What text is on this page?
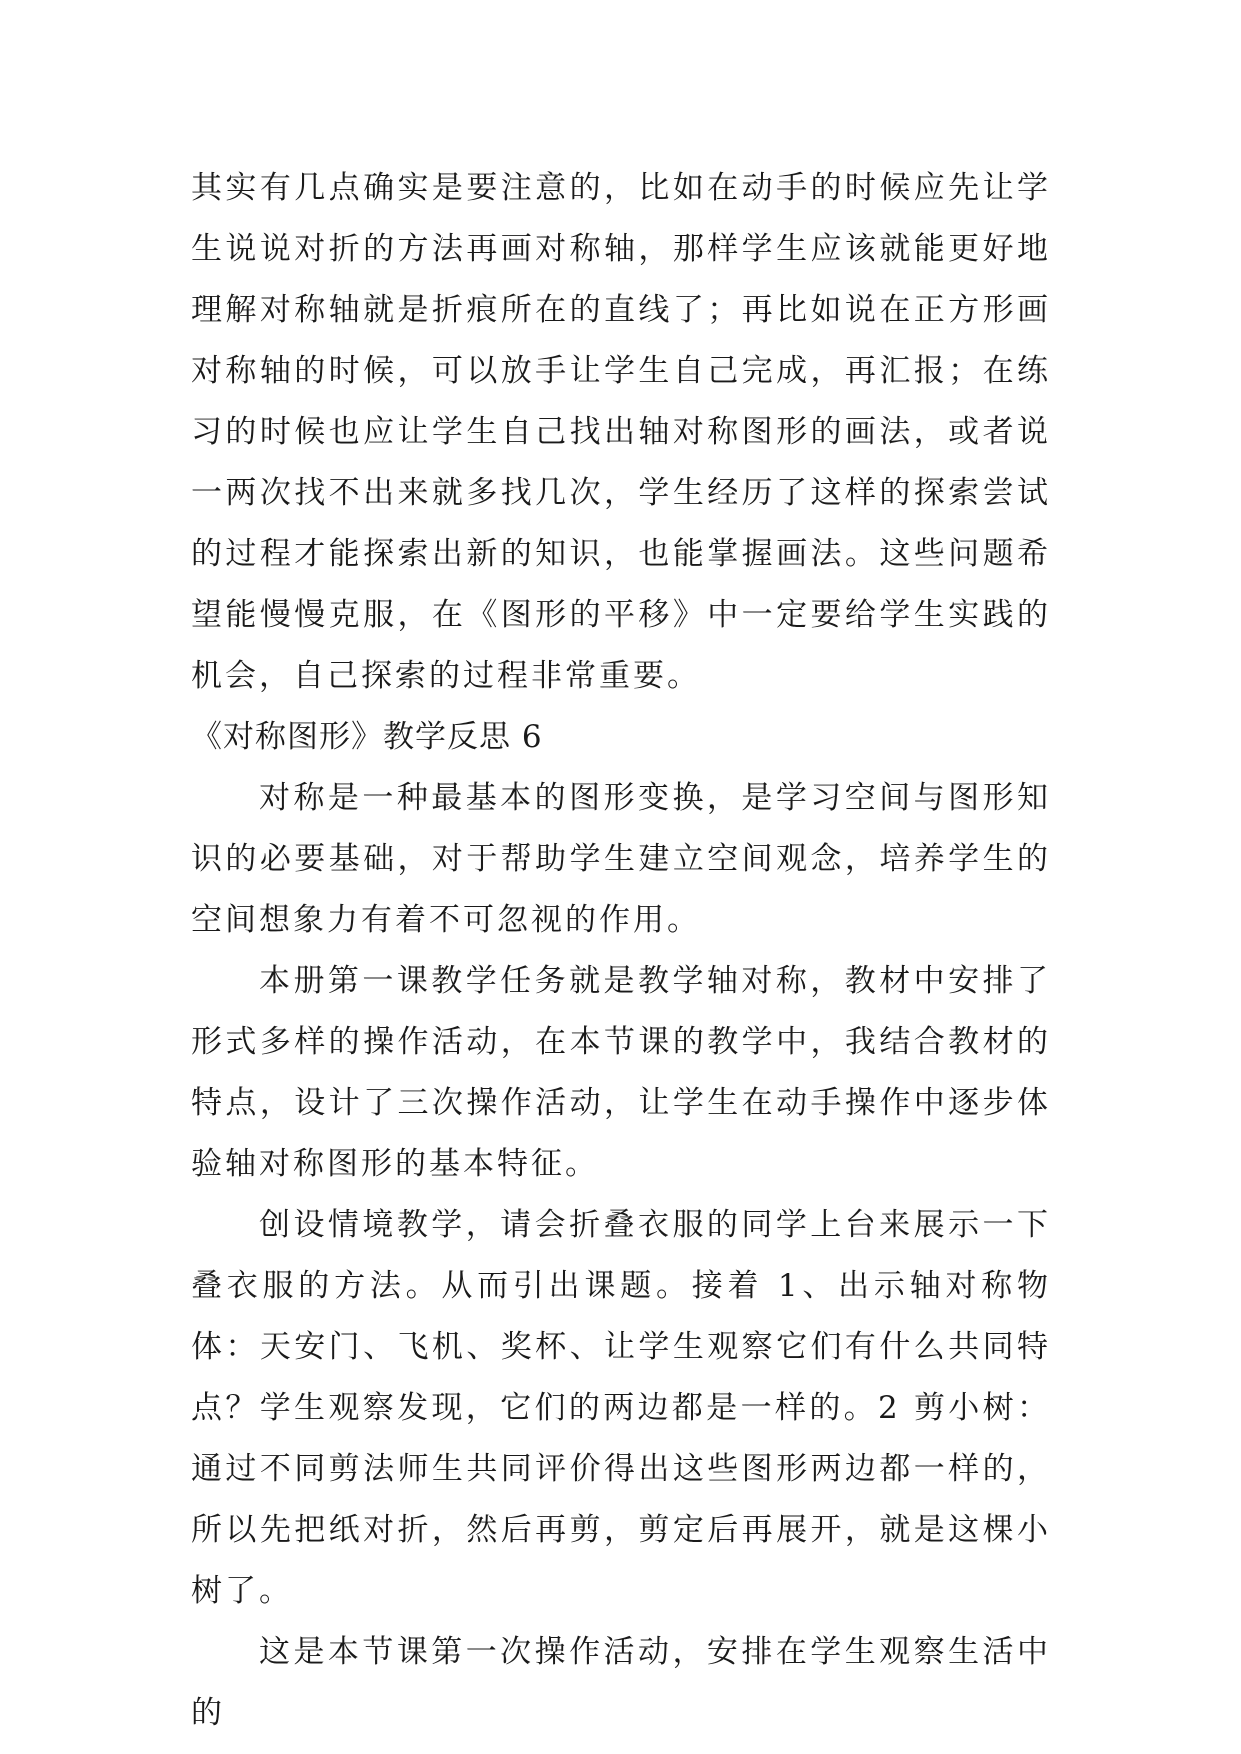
其实有几点确实是要注意的，比如在动手的时候应先让学生说说对折的方法再画对称轴，那样学生应该就能更好地理解对称轴就是折痕所在的直线了；再比如说在正方形画对称轴的时候，可以放手让学生自己完成，再汇报；在练习的时候也应让学生自己找出轴对称图形的画法，或者说一两次找不出来就多找几次，学生经历了这样的探索尝试的过程才能探索出新的知识，也能掌握画法。这些问题希望能慢慢克服，在《图形的平移》中一定要给学生实践的机会，自己探索的过程非常重要。

《对称图形》教学反思 6

对称是一种最基本的图形变换，是学习空间与图形知识的必要基础，对于帮助学生建立空间观念，培养学生的空间想象力有着不可忽视的作用。

本册第一课教学任务就是教学轴对称，教材中安排了形式多样的操作活动，在本节课的教学中，我结合教材的特点，设计了三次操作活动，让学生在动手操作中逐步体验轴对称图形的基本特征。

创设情境教学，请会折叠衣服的同学上台来展示一下叠衣服的方法。从而引出课题。接着 1、出示轴对称物体：天安门、飞机、奖杯、让学生观察它们有什么共同特点？学生观察发现，它们的两边都是一样的。2 剪小树：通过不同剪法师生共同评价得出这些图形两边都一样的，所以先把纸对折，然后再剪，剪定后再展开，就是这棵小树了。

这是本节课第一次操作活动，安排在学生观察生活中的
